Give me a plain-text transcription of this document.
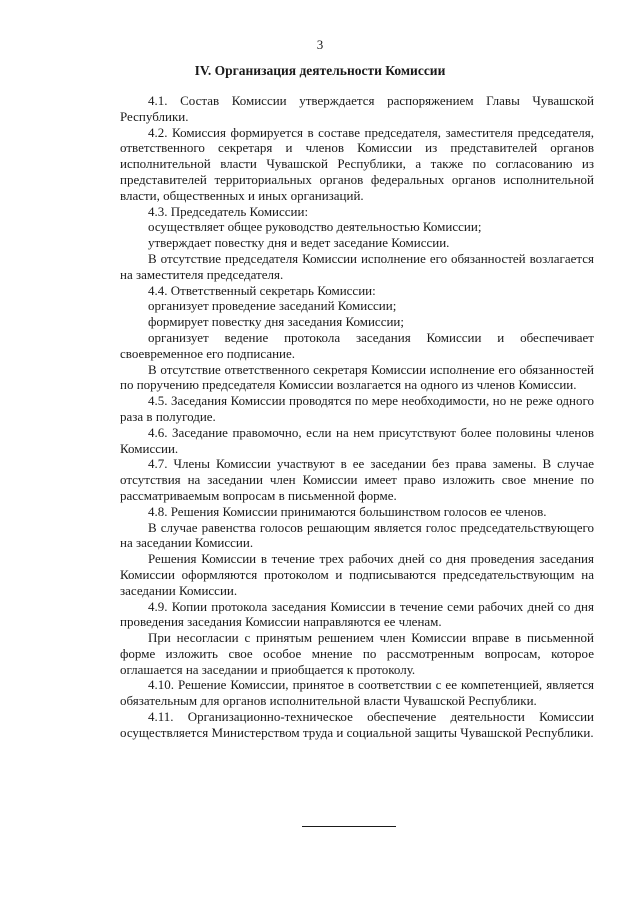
3
IV. Организация деятельности Комиссии

4.1. Состав Комиссии утверждается распоряжением Главы Чувашской Республики.

4.2. Комиссия формируется в составе председателя, заместителя председателя, ответственного секретаря и членов Комиссии из представителей органов исполнительной власти Чувашской Республики, а также по согласованию из представителей территориальных органов федеральных органов исполнительной власти, общественных и иных организаций.

4.3. Председатель Комиссии:

осуществляет общее руководство деятельностью Комиссии;

утверждает повестку дня и ведет заседание Комиссии.

В отсутствие председателя Комиссии исполнение его обязанностей возлагается на заместителя председателя.

4.4. Ответственный секретарь Комиссии:

организует проведение заседаний Комиссии;

формирует повестку дня заседания Комиссии;

организует ведение протокола заседания Комиссии и обеспечивает своевременное его подписание.

В отсутствие ответственного секретаря Комиссии исполнение его обязанностей по поручению председателя Комиссии возлагается на одного из членов Комиссии.

4.5. Заседания Комиссии проводятся по мере необходимости, но не реже одного раза в полугодие.

4.6. Заседание правомочно, если на нем присутствуют более половины членов Комиссии.

4.7. Члены Комиссии участвуют в ее заседании без права замены. В случае отсутствия на заседании член Комиссии имеет право изложить свое мнение по рассматриваемым вопросам в письменной форме.

4.8. Решения Комиссии принимаются большинством голосов ее членов.

В случае равенства голосов решающим является голос председательствующего на заседании Комиссии.

Решения Комиссии в течение трех рабочих дней со дня проведения заседания Комиссии оформляются протоколом и подписываются председательствующим на заседании Комиссии.

4.9. Копии протокола заседания Комиссии в течение семи рабочих дней со дня проведения заседания Комиссии направляются ее членам.

При несогласии с принятым решением член Комиссии вправе в письменной форме изложить свое особое мнение по рассмотренным вопросам, которое оглашается на заседании и приобщается к протоколу.

4.10. Решение Комиссии, принятое в соответствии с ее компетенцией, является обязательным для органов исполнительной власти Чувашской Республики.

4.11. Организационно-техническое обеспечение деятельности Комиссии осуществляется Министерством труда и социальной защиты Чувашской Республики.
